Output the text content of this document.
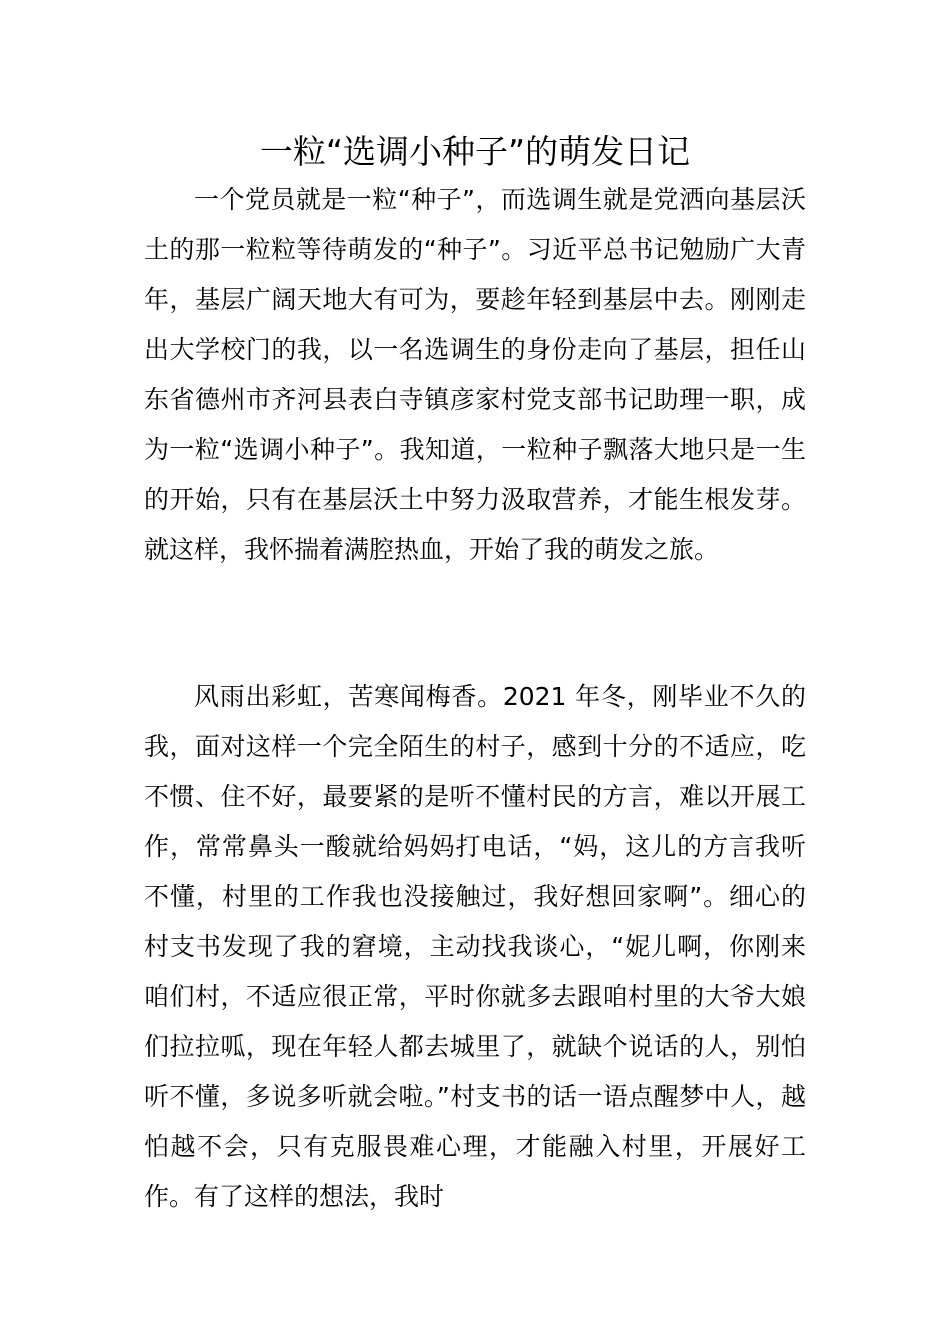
一粒“选调小种子”的萌发日记

一个党员就是一粒“种子”，而选调生就是党洒向基层沃土的那一粒粒等待萌发的“种子”。习近平总书记勉励广大青年，基层广阔天地大有可为，要趁年轻到基层中去。刚刚走出大学校门的我，以一名选调生的身份走向了基层，担任山东省德州市齐河县表白寺镇彦家村党支部书记助理一职，成为一粒“选调小种子”。我知道，一粒种子飘落大地只是一生的开始，只有在基层沃土中努力汲取营养，才能生根发芽。就这样，我怀揣着满腔热血，开始了我的萌发之旅。

风雨出彩虹，苦寒闻梅香。2021 年冬，刚毕业不久的我，面对这样一个完全陌生的村子，感到十分的不适应，吃不惯、住不好，最要紧的是听不懂村民的方言，难以开展工作，常常鼻头一酸就给妈妈打电话，“妈，这儿的方言我听不懂，村里的工作我也没接触过，我好想回家啊”。细心的村支书发现了我的窘境，主动找我谈心，“妮儿啊，你刚来咱们村，不适应很正常，平时你就多去跟咱村里的大爷大娘们拉拉呱，现在年轻人都去城里了，就缺个说话的人，别怕听不懂，多说多听就会啦。”村支书的话一语点醒梦中人，越怕越不会，只有克服畏难心理，才能融入村里，开展好工作。有了这样的想法，我时
